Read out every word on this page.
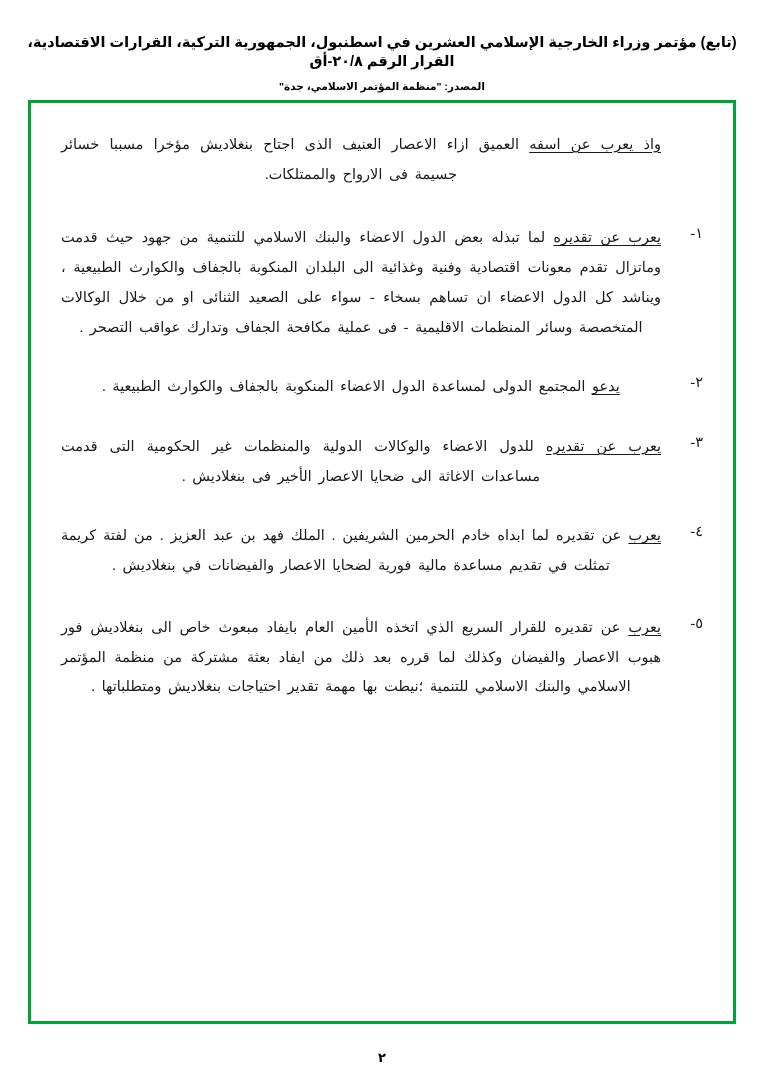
(تابع) مؤتمر وزراء الخارجية الإسلامي العشرين في اسطنبول، الجمهورية التركية، القرارات الاقتصادية، القرار الرقم ٢٠/٨-أق
المصدر: "منظمة المؤتمر الاسلامي، جدة"
واذ يعرب عن اسفه العميق ازاء الاعصار العنيف الذى اجتاح بنغلاديش مؤخرا مسببا خسائر جسيمة فى الارواح والممتلكات.
١-
يعرب عن تقديره لما تبذله بعض الدول الاعضاء والبنك الاسلامي للتنمية من جهود حيث قدمت وماتزال تقدم معونات اقتصادية وفنية وغذائية الى البلدان المنكوبة بالجفاف والكوارث الطبيعية ، ويناشد كل الدول الاعضاء ان تساهم بسخاء - سواء على الصعيد الثنائى او من خلال الوكالات المتخصصة وسائر المنظمات الاقليمية - فى عملية مكافحة الجفاف وتدارك عواقب التصحر .
٢-
يدعو المجتمع الدولى لمساعدة الدول الاعضاء المنكوبة بالجفاف والكوارث الطبيعية .
٣-
يعرب عن تقديره للدول الاعضاء والوكالات الدولية والمنظمات غير الحكومية التى قدمت مساعدات الاغاثة الى ضحايا الاعصار الأخير فى بنغلاديش .
٤-
يعرب عن تقديره لما ابداه خادم الحرمين الشريفين . الملك فهد بن عبد العزيز . من لفتة كريمة تمثلت في تقديم مساعدة مالية فورية لضحايا الاعصار والفيضانات في بنغلاديش .
٥-
يعرب عن تقديره للقرار السريع الذي اتخذه الأمين العام بايفاد مبعوث خاص الى بنغلاديش فور هبوب الاعصار والفيضان وكذلك لما قرره بعد ذلك من ايفاد بعثة مشتركة من منظمة المؤتمر الاسلامي والبنك الاسلامي للتنمية ؛نيطت بها مهمة تقدير احتياجات بنغلاديش ومتطلباتها .
٢
